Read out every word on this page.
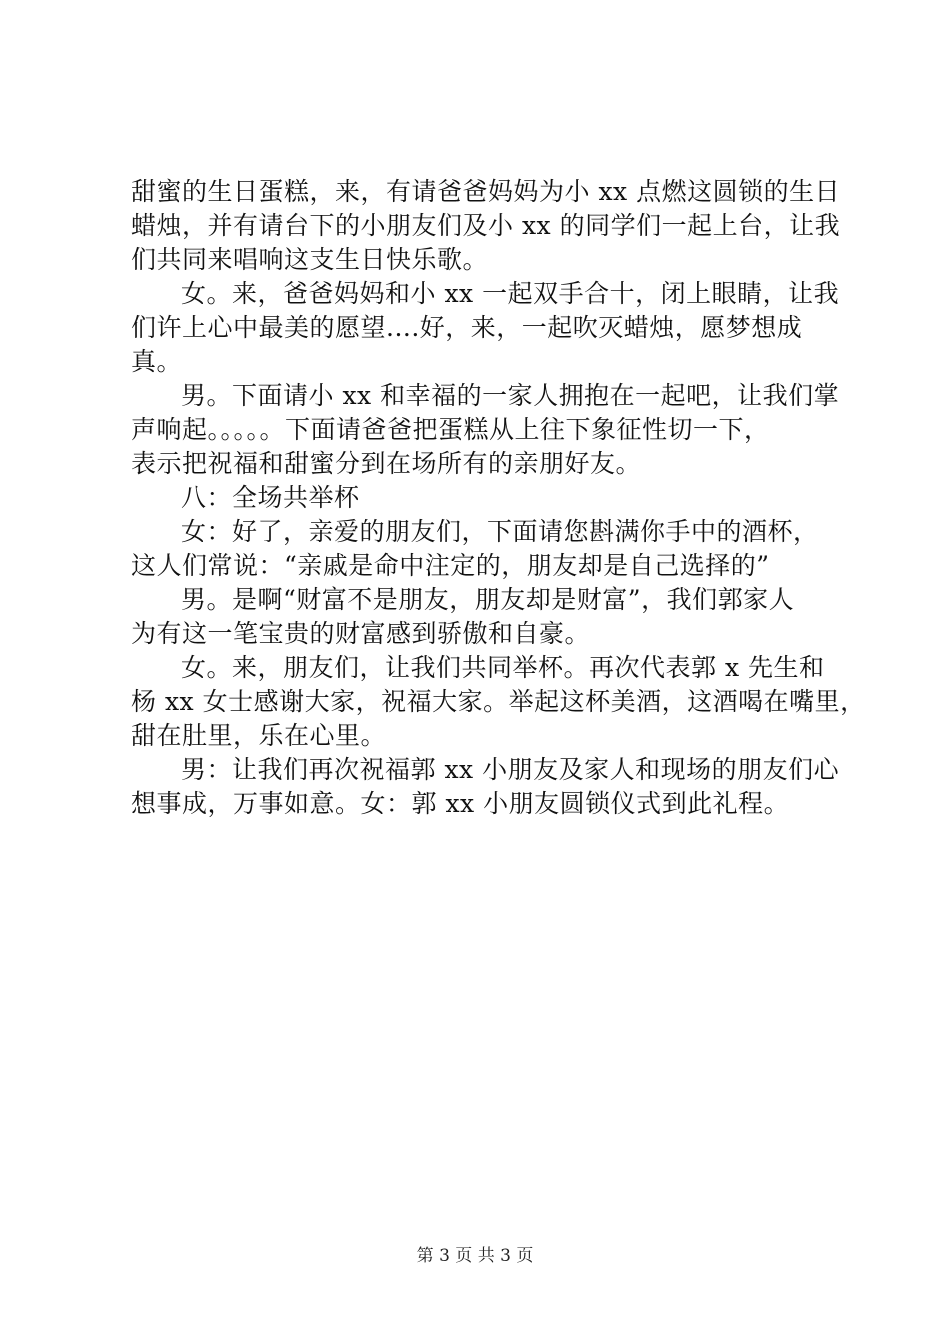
甜蜜的生日蛋糕，来，有请爸爸妈妈为小 xx 点燃这圆锁的生日
蜡烛，并有请台下的小朋友们及小 xx 的同学们一起上台，让我
们共同来唱响这支生日快乐歌。
女。来，爸爸妈妈和小 xx 一起双手合十，闭上眼睛，让我
们许上心中最美的愿望....好，来，一起吹灭蜡烛，愿梦想成
真。
男。下面请小 xx 和幸福的一家人拥抱在一起吧，让我们掌
声响起。。。。。下面请爸爸把蛋糕从上往下象征性切一下，
表示把祝福和甜蜜分到在场所有的亲朋好友。
八：全场共举杯
女：好了，亲爱的朋友们，下面请您斟满你手中的酒杯，
这人们常说：“亲戚是命中注定的，朋友却是自己选择的”
男。是啊“财富不是朋友，朋友却是财富”，我们郭家人
为有这一笔宝贵的财富感到骄傲和自豪。
女。来，朋友们，让我们共同举杯。再次代表郭 x 先生和
杨 xx 女士感谢大家，祝福大家。举起这杯美酒，这酒喝在嘴里，
甜在肚里，乐在心里。
男：让我们再次祝福郭 xx 小朋友及家人和现场的朋友们心
想事成，万事如意。女：郭 xx 小朋友圆锁仪式到此礼程。
第 3 页 共 3 页
